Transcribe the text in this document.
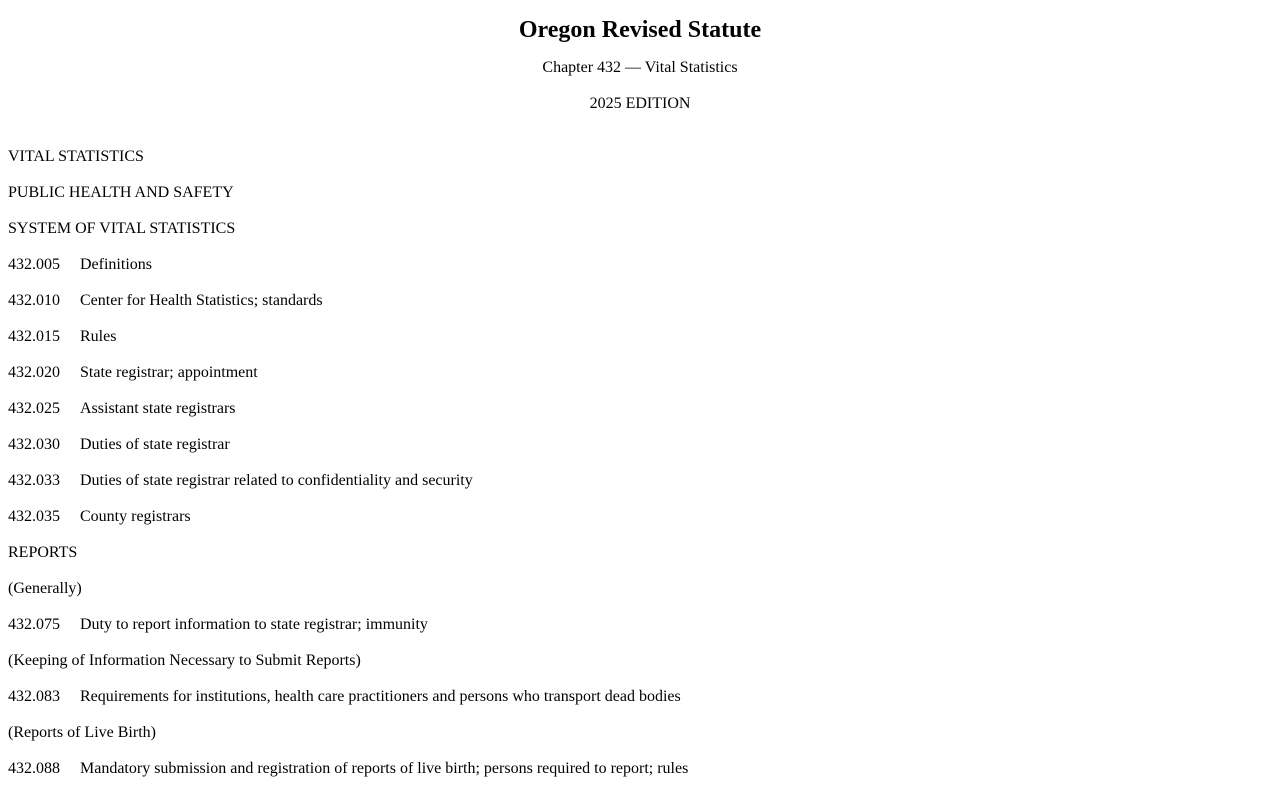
Oregon Revised Statute

Chapter 432 — Vital Statistics

2025 EDITION

VITAL STATISTICS
PUBLIC HEALTH AND SAFETY
SYSTEM OF VITAL STATISTICS
432.005	Definitions
432.010	Center for Health Statistics; standards
432.015	Rules
432.020	State registrar; appointment
432.025	Assistant state registrars
432.030	Duties of state registrar
432.033	Duties of state registrar related to confidentiality and security
432.035	County registrars
REPORTS
(Generally)
432.075	Duty to report information to state registrar; immunity
(Keeping of Information Necessary to Submit Reports)
432.083	Requirements for institutions, health care practitioners and persons who transport dead bodies
(Reports of Live Birth)
432.088	Mandatory submission and registration of reports of live birth; persons required to report; rules
